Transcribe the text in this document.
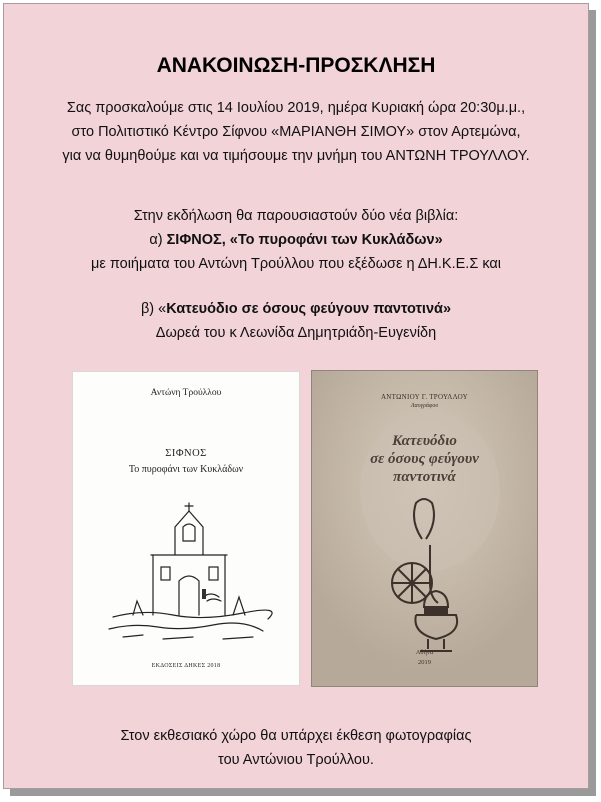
ΑΝΑΚΟΙΝΩΣΗ-ΠΡΟΣΚΛΗΣΗ
Σας προσκαλούμε στις 14 Ιουλίου 2019, ημέρα Κυριακή ώρα 20:30μ.μ.,
στο Πολιτιστικό Κέντρο Σίφνου «ΜΑΡΙΑΝΘΗ ΣΙΜΟΥ» στον Αρτεμώνα,
για να θυμηθούμε και να τιμήσουμε την μνήμη του ΑΝΤΩΝΗ ΤΡΟΥΛΛΟΥ.
Στην εκδήλωση θα παρουσιαστούν δύο νέα βιβλία:
α) ΣΙΦΝΟΣ, «Το πυροφάνι των Κυκλάδων»
με ποιήματα του Αντώνη Τρούλλου που εξέδωσε η ΔΗ.Κ.Ε.Σ και
β) «Κατευόδιο σε όσους φεύγουν παντοτινά»
Δωρεά του κ Λεωνίδα Δημητριάδη-Ευγενίδη
Αντώνη Τρούλλου
ΣΙΦΝΟΣ
Το πυροφάνι των Κυκλάδων
ΕΚΔΟΣΕΙΣ ΔΗΚΕΣ 2018
ΑΝΤΩΝΙΟΥ Γ. ΤΡΟΥΛΛΟΥ
Λαογράφου
Κατευόδιο
σε όσους φεύγουν
παντοτινά
Αθήνα
2019
Στον εκθεσιακό χώρο θα υπάρχει έκθεση φωτογραφίας
του Αντώνιου Τρούλλου.
